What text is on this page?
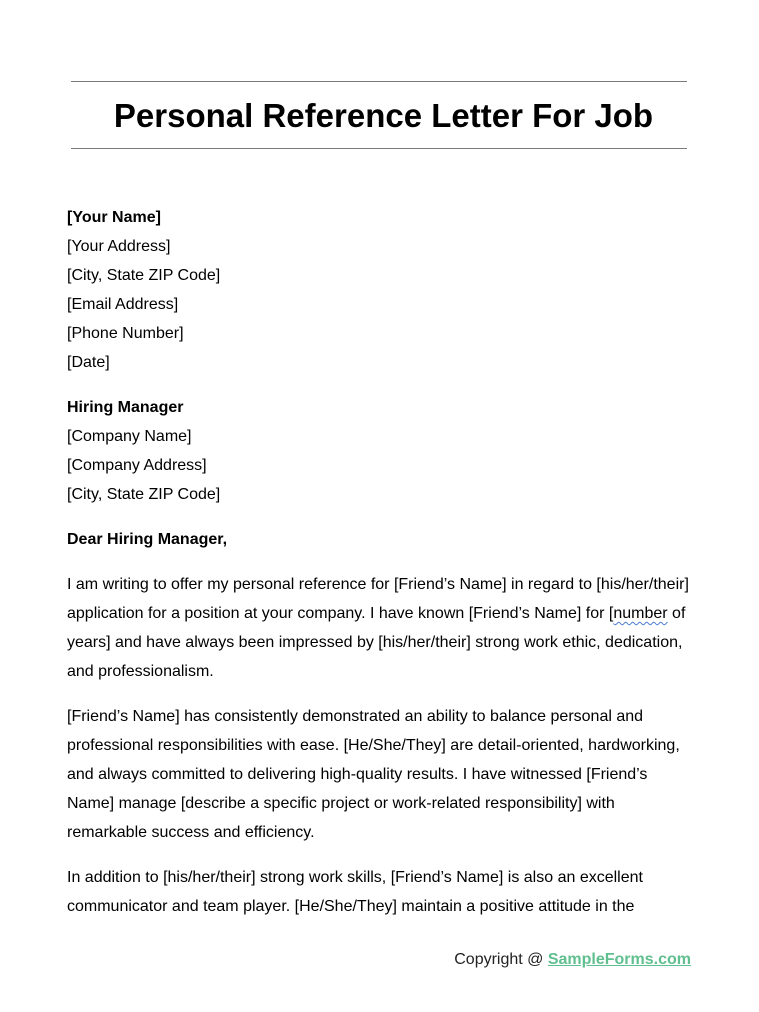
Personal Reference Letter For Job
[Your Name]
[Your Address]
[City, State ZIP Code]
[Email Address]
[Phone Number]
[Date]
Hiring Manager
[Company Name]
[Company Address]
[City, State ZIP Code]
Dear Hiring Manager,

I am writing to offer my personal reference for [Friend’s Name] in regard to [his/her/their] application for a position at your company. I have known [Friend’s Name] for [number of years] and have always been impressed by [his/her/their] strong work ethic, dedication, and professionalism.

[Friend’s Name] has consistently demonstrated an ability to balance personal and professional responsibilities with ease. [He/She/They] are detail-oriented, hardworking, and always committed to delivering high-quality results. I have witnessed [Friend’s Name] manage [describe a specific project or work-related responsibility] with remarkable success and efficiency.

In addition to [his/her/their] strong work skills, [Friend’s Name] is also an excellent communicator and team player. [He/She/They] maintain a positive attitude in the

Copyright @ SampleForms.com
